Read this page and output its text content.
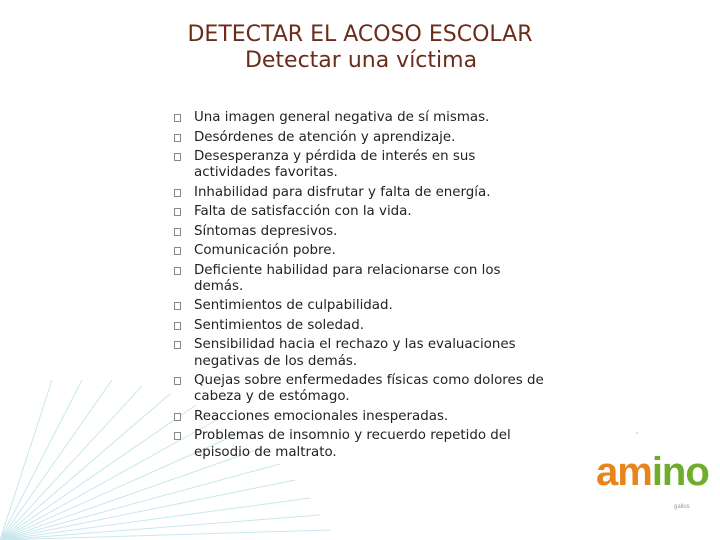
DETECTAR EL ACOSO ESCOLAR
Detectar una víctima
Una imagen general negativa de sí mismas.
Desórdenes de atención y aprendizaje.
Desesperanza y pérdida de interés en sus actividades favoritas.
Inhabilidad para disfrutar y falta de energía.
Falta de satisfacción con la vida.
Síntomas depresivos.
Comunicación pobre.
Deficiente habilidad para relacionarse con los demás.
Sentimientos de culpabilidad.
Sentimientos de soledad.
Sensibilidad hacia el rechazo y las evaluaciones negativas de los demás.
Quejas sobre enfermedades físicas como dolores de cabeza y de estómago.
Reacciones emocionales inesperadas.
Problemas de insomnio y recuerdo repetido del episodio de maltrato.	amino
gallos
